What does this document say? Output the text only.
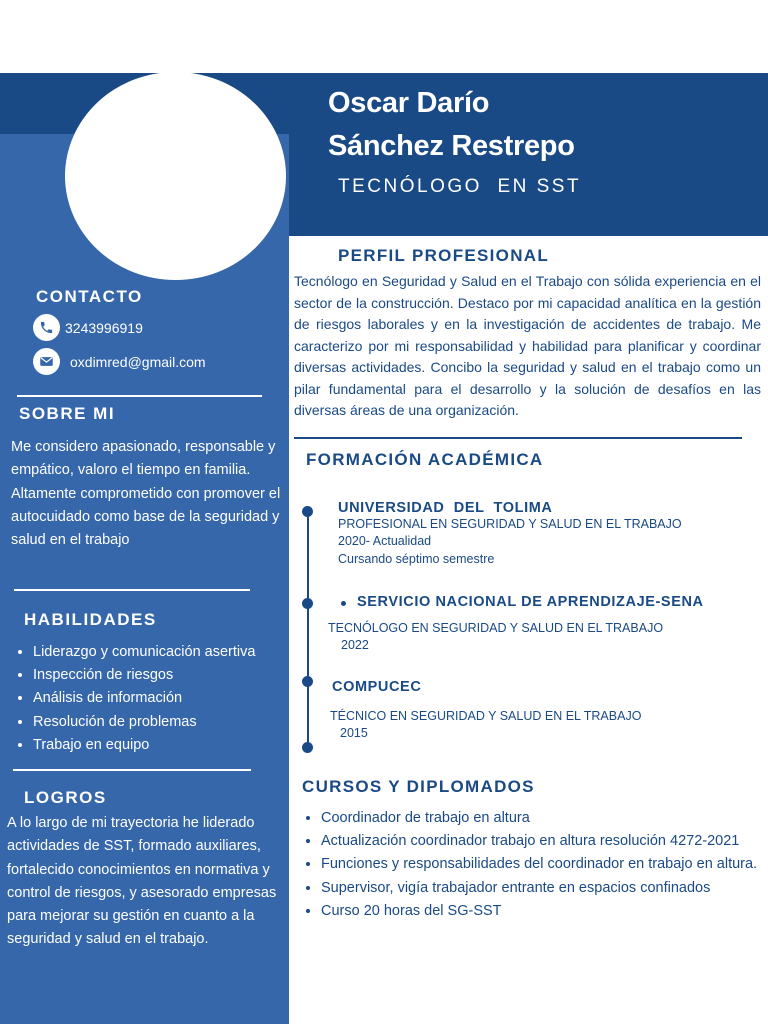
Oscar Darío
Sánchez Restrepo
TECNÓLOGO  EN SST
CONTACTO
3243996919
oxdimred@gmail.com
SOBRE MI

Me considero apasionado, responsable y empático, valoro el tiempo en familia. Altamente comprometido con promover el autocuidado como base de la seguridad y salud en el trabajo

HABILIDADES
• Liderazgo y comunicación asertiva
• Inspección de riesgos
• Análisis de información
• Resolución de problemas
• Trabajo en equipo
LOGROS

A lo largo de mi trayectoria he liderado actividades de SST, formado auxiliares, fortalecido conocimientos en normativa y control de riesgos, y asesorado empresas para mejorar su gestión en cuanto a la seguridad y salud en el trabajo.

PERFIL PROFESIONAL

Tecnólogo en Seguridad y Salud en el Trabajo con sólida experiencia en el sector de la construcción. Destaco por mi capacidad analítica en la gestión de riesgos laborales y en la investigación de accidentes de trabajo. Me caracterizo por mi responsabilidad y habilidad para planificar y coordinar diversas actividades. Concibo la seguridad y salud en el trabajo como un pilar fundamental para el desarrollo y la solución de desafíos en las diversas áreas de una organización.

FORMACIÓN ACADÉMICA
UNIVERSIDAD  DEL  TOLIMA
PROFESIONAL EN SEGURIDAD Y SALUD EN EL TRABAJO
2020- Actualidad
Cursando séptimo semestre
SERVICIO NACIONAL DE APRENDIZAJE-SENA
TECNÓLOGO EN SEGURIDAD Y SALUD EN EL TRABAJO
2022
COMPUCEC
TÉCNICO EN SEGURIDAD Y SALUD EN EL TRABAJO
2015
CURSOS Y DIPLOMADOS
• Coordinador de trabajo en altura
• Actualización coordinador trabajo en altura resolución 4272-2021
• Funciones y responsabilidades del coordinador en trabajo en altura.
• Supervisor, vigía trabajador entrante en espacios confinados
• Curso 20 horas del SG-SST
